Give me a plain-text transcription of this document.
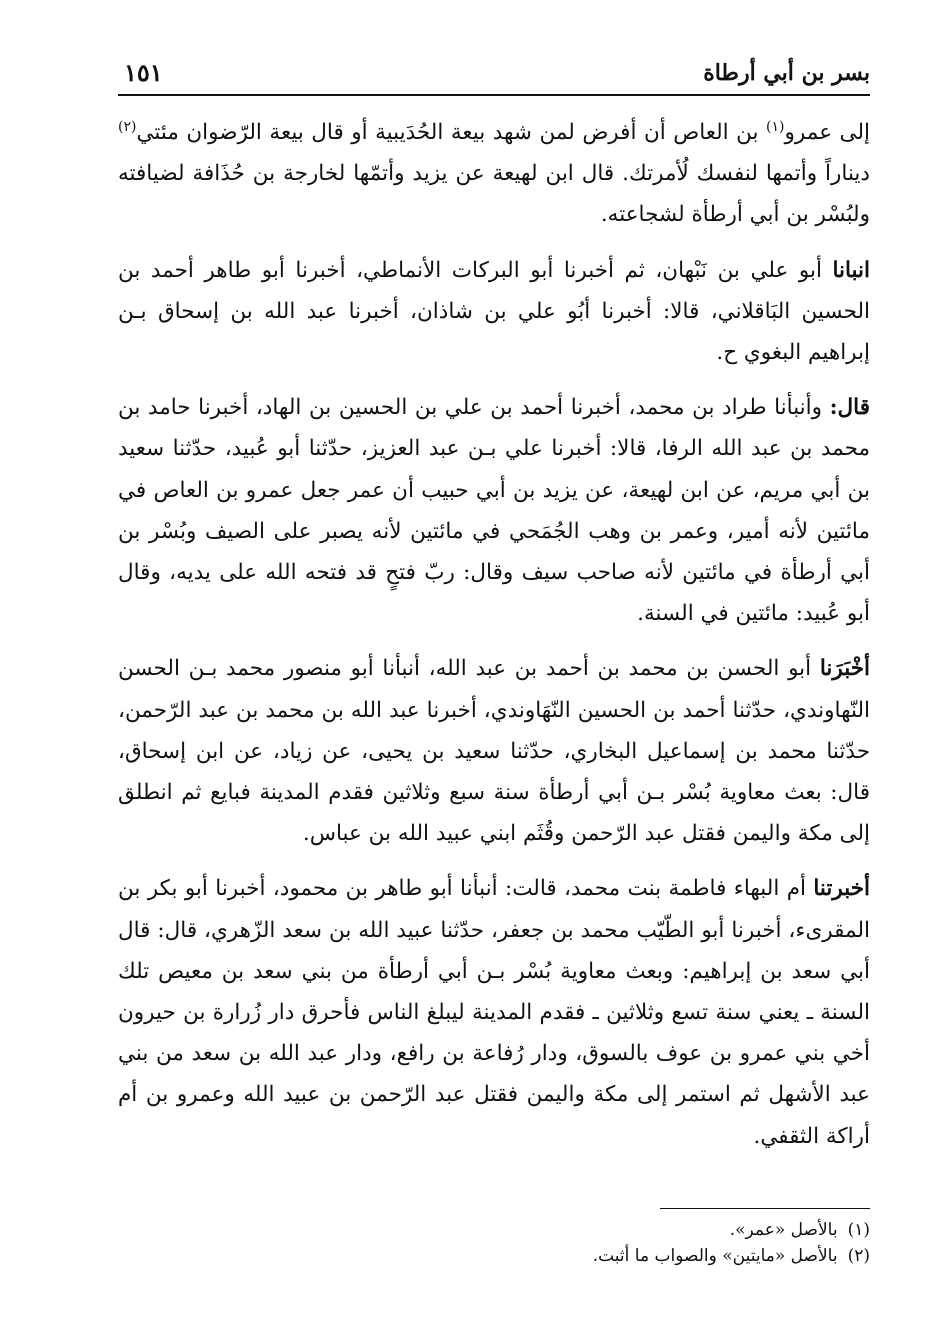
١٥١	بسر بن أبي أرطاة

إلى عمرو$^{(١)}$ بن العاص أن أفرض لمن شهد بيعة الحُدَيبية أو قال بيعة الرّضوان مئتي$^{(٢)}$ ديناراً وأتمها لنفسك لُأمرتك. قال ابن لهيعة عن يزيد وأتمّها لخارجة بن حُذَافة لضيافته ولبُسْر بن أبي أرطأة لشجاعته.

انبانا أبو علي بن نَبْهان، ثم أخبرنا أبو البركات الأنماطي، أخبرنا أبو طاهر أحمد بن الحسين البَاقلاني، قالا: أخبرنا أبُو علي بن شاذان، أخبرنا عبد الله بن إسحاق بـن إبراهيم البغوي ح.

قال: وأنبأنا طراد بن محمد، أخبرنا أحمد بن علي بن الحسين بن الهاد، أخبرنا حامد بن محمد بن عبد الله الرفا، قالا: أخبرنا علي بـن عبد العزيز، حدّثنا أبو عُبيد، حدّثنا سعيد بن أبي مريم، عن ابن لهيعة، عن يزيد بن أبي حبيب أن عمر جعل عمرو بن العاص في مائتين لأنه أمير، وعمر بن وهب الجُمَحي في مائتين لأنه يصبر على الصيف وبُسْر بن أبي أرطأة في مائتين لأنه صاحب سيف وقال: ربّ فتحٍ قد فتحه الله على يديه، وقال أبو عُبيد: مائتين في السنة.

أخْبَرَنا أبو الحسن بن محمد بن أحمد بن عبد الله، أنبأنا أبو منصور محمد بـن الحسن النّهاوندي، حدّثنا أحمد بن الحسين النّهَاوندي، أخبرنا عبد الله بن محمد بن عبد الرّحمن، حدّثنا محمد بن إسماعيل البخاري، حدّثنا سعيد بن يحيى، عن زياد، عن ابن إسحاق، قال: بعث معاوية بُسْر بـن أبي أرطأة سنة سبع وثلاثين فقدم المدينة فبايع ثم انطلق إلى مكة واليمن فقتل عبد الرّحمن وقُثَم ابني عبيد الله بن عباس.

أخبرتنا أم البهاء فاطمة بنت محمد، قالت: أنبأنا أبو طاهر بن محمود، أخبرنا أبو بكر بن المقرىء، أخبرنا أبو الطّيّب محمد بن جعفر، حدّثنا عبيد الله بن سعد الزّهري، قال: قال أبي سعد بن إبراهيم: وبعث معاوية بُسْر بـن أبي أرطأة من بني سعد بن معيص تلك السنة ـ يعني سنة تسع وثلاثين ـ فقدم المدينة ليبلغ الناس فأحرق دار زُرارة بن حيرون أخي بني عمرو بن عوف بالسوق، ودار رُفاعة بن رافع، ودار عبد الله بن سعد من بني عبد الأشهل ثم استمر إلى مكة واليمن فقتل عبد الرّحمن بن عبيد الله وعمرو بن أم أراكة الثقفي.

(١)بالأصل «عمر».
(٢)بالأصل «مايتين» والصواب ما أثبت.
